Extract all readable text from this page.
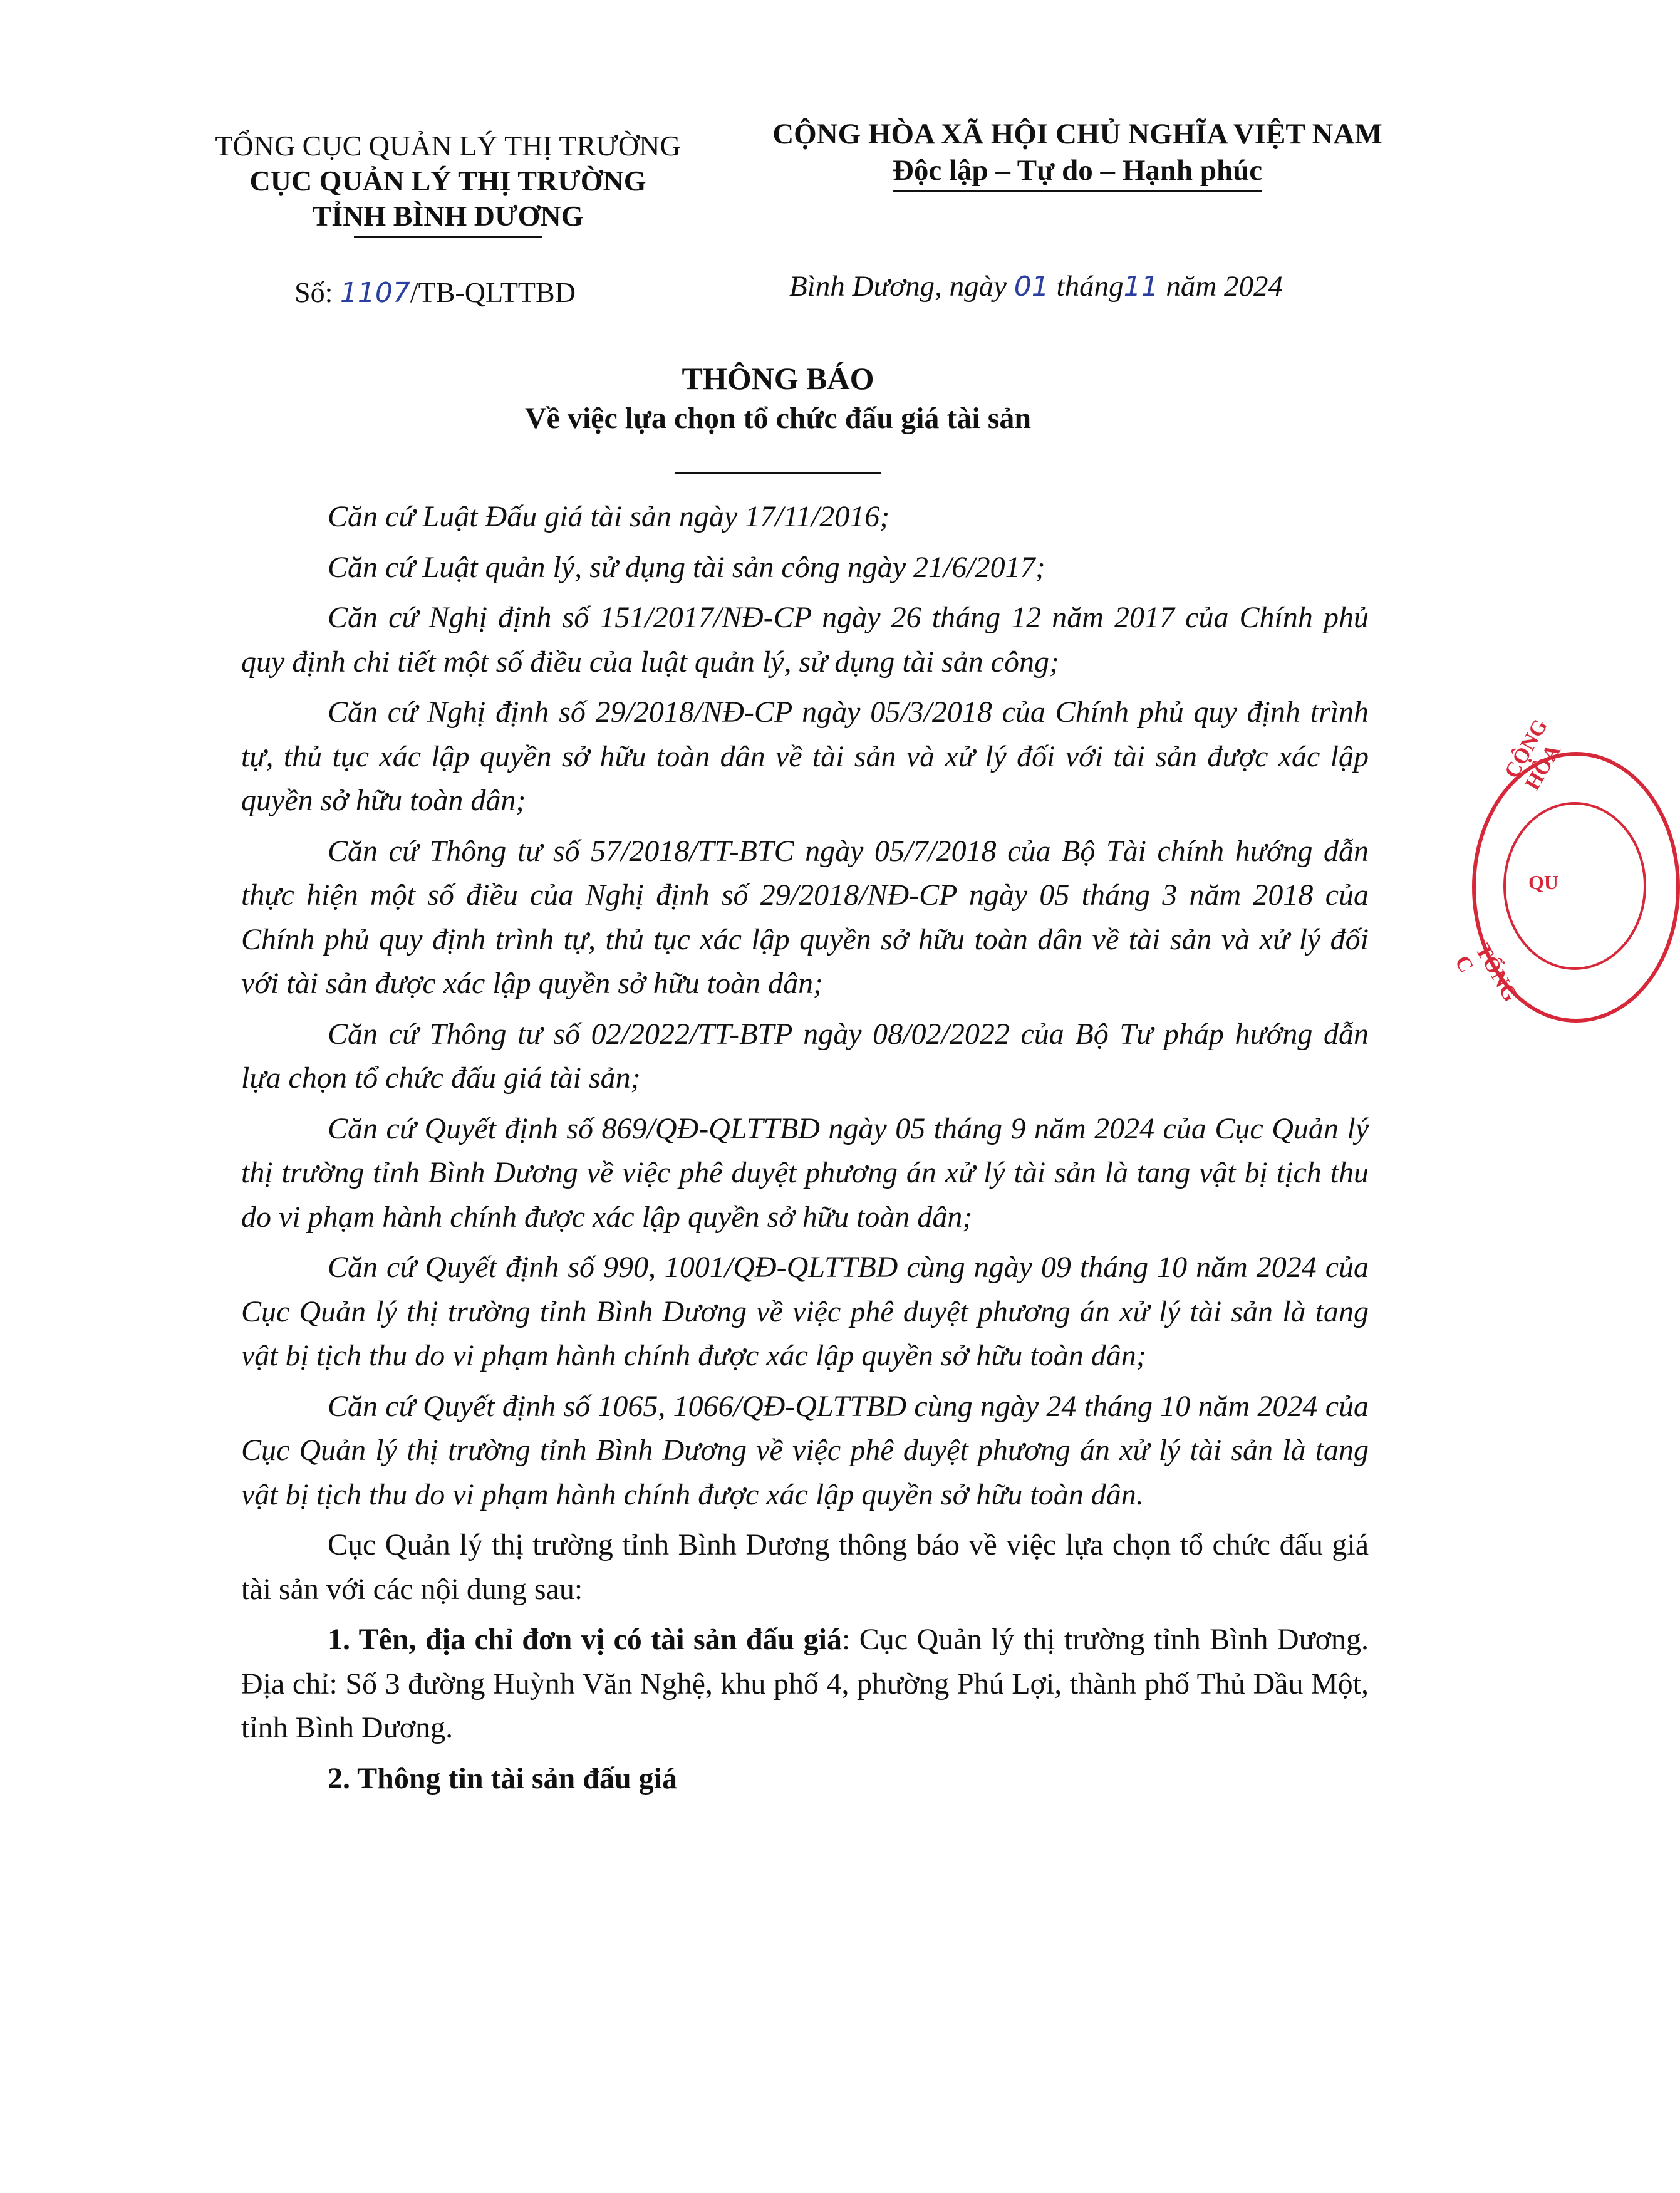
TỔNG CỤC QUẢN LÝ THỊ TRƯỜNG
CỤC QUẢN LÝ THỊ TRƯỜNG
TỈNH BÌNH DƯƠNG
CỘNG HÒA XÃ HỘI CHỦ NGHĨA VIỆT NAM
Độc lập – Tự do – Hạnh phúc
Số: 1107/TB-QLTTBD	Bình Dương, ngày 01 tháng11 năm 2024
THÔNG BÁO
Về việc lựa chọn tổ chức đấu giá tài sản

Căn cứ Luật Đấu giá tài sản ngày 17/11/2016;

Căn cứ Luật quản lý, sử dụng tài sản công ngày 21/6/2017;

Căn cứ Nghị định số 151/2017/NĐ-CP ngày 26 tháng 12 năm 2017 của Chính phủ quy định chi tiết một số điều của luật quản lý, sử dụng tài sản công;

Căn cứ Nghị định số 29/2018/NĐ-CP ngày 05/3/2018 của Chính phủ quy định trình tự, thủ tục xác lập quyền sở hữu toàn dân về tài sản và xử lý đối với tài sản được xác lập quyền sở hữu toàn dân;

Căn cứ Thông tư số 57/2018/TT-BTC ngày 05/7/2018 của Bộ Tài chính hướng dẫn thực hiện một số điều của Nghị định số 29/2018/NĐ-CP ngày 05 tháng 3 năm 2018 của Chính phủ quy định trình tự, thủ tục xác lập quyền sở hữu toàn dân về tài sản và xử lý đối với tài sản được xác lập quyền sở hữu toàn dân;

Căn cứ Thông tư số 02/2022/TT-BTP ngày 08/02/2022 của Bộ Tư pháp hướng dẫn lựa chọn tổ chức đấu giá tài sản;

Căn cứ Quyết định số 869/QĐ-QLTTBD ngày 05 tháng 9 năm 2024 của Cục Quản lý thị trường tỉnh Bình Dương về việc phê duyệt phương án xử lý tài sản là tang vật bị tịch thu do vi phạm hành chính được xác lập quyền sở hữu toàn dân;

Căn cứ Quyết định số 990, 1001/QĐ-QLTTBD cùng ngày 09 tháng 10 năm 2024 của Cục Quản lý thị trường tỉnh Bình Dương về việc phê duyệt phương án xử lý tài sản là tang vật bị tịch thu do vi phạm hành chính được xác lập quyền sở hữu toàn dân;

Căn cứ Quyết định số 1065, 1066/QĐ-QLTTBD cùng ngày 24 tháng 10 năm 2024 của Cục Quản lý thị trường tỉnh Bình Dương về việc phê duyệt phương án xử lý tài sản là tang vật bị tịch thu do vi phạm hành chính được xác lập quyền sở hữu toàn dân.

Cục Quản lý thị trường tỉnh Bình Dương thông báo về việc lựa chọn tổ chức đấu giá tài sản với các nội dung sau:

1. Tên, địa chỉ đơn vị có tài sản đấu giá: Cục Quản lý thị trường tỉnh Bình Dương. Địa chỉ: Số 3 đường Huỳnh Văn Nghệ, khu phố 4, phường Phú Lợi, thành phố Thủ Dầu Một, tỉnh Bình Dương.

2. Thông tin tài sản đấu giá

CỘNG HÒA
TỔNG C
QU
